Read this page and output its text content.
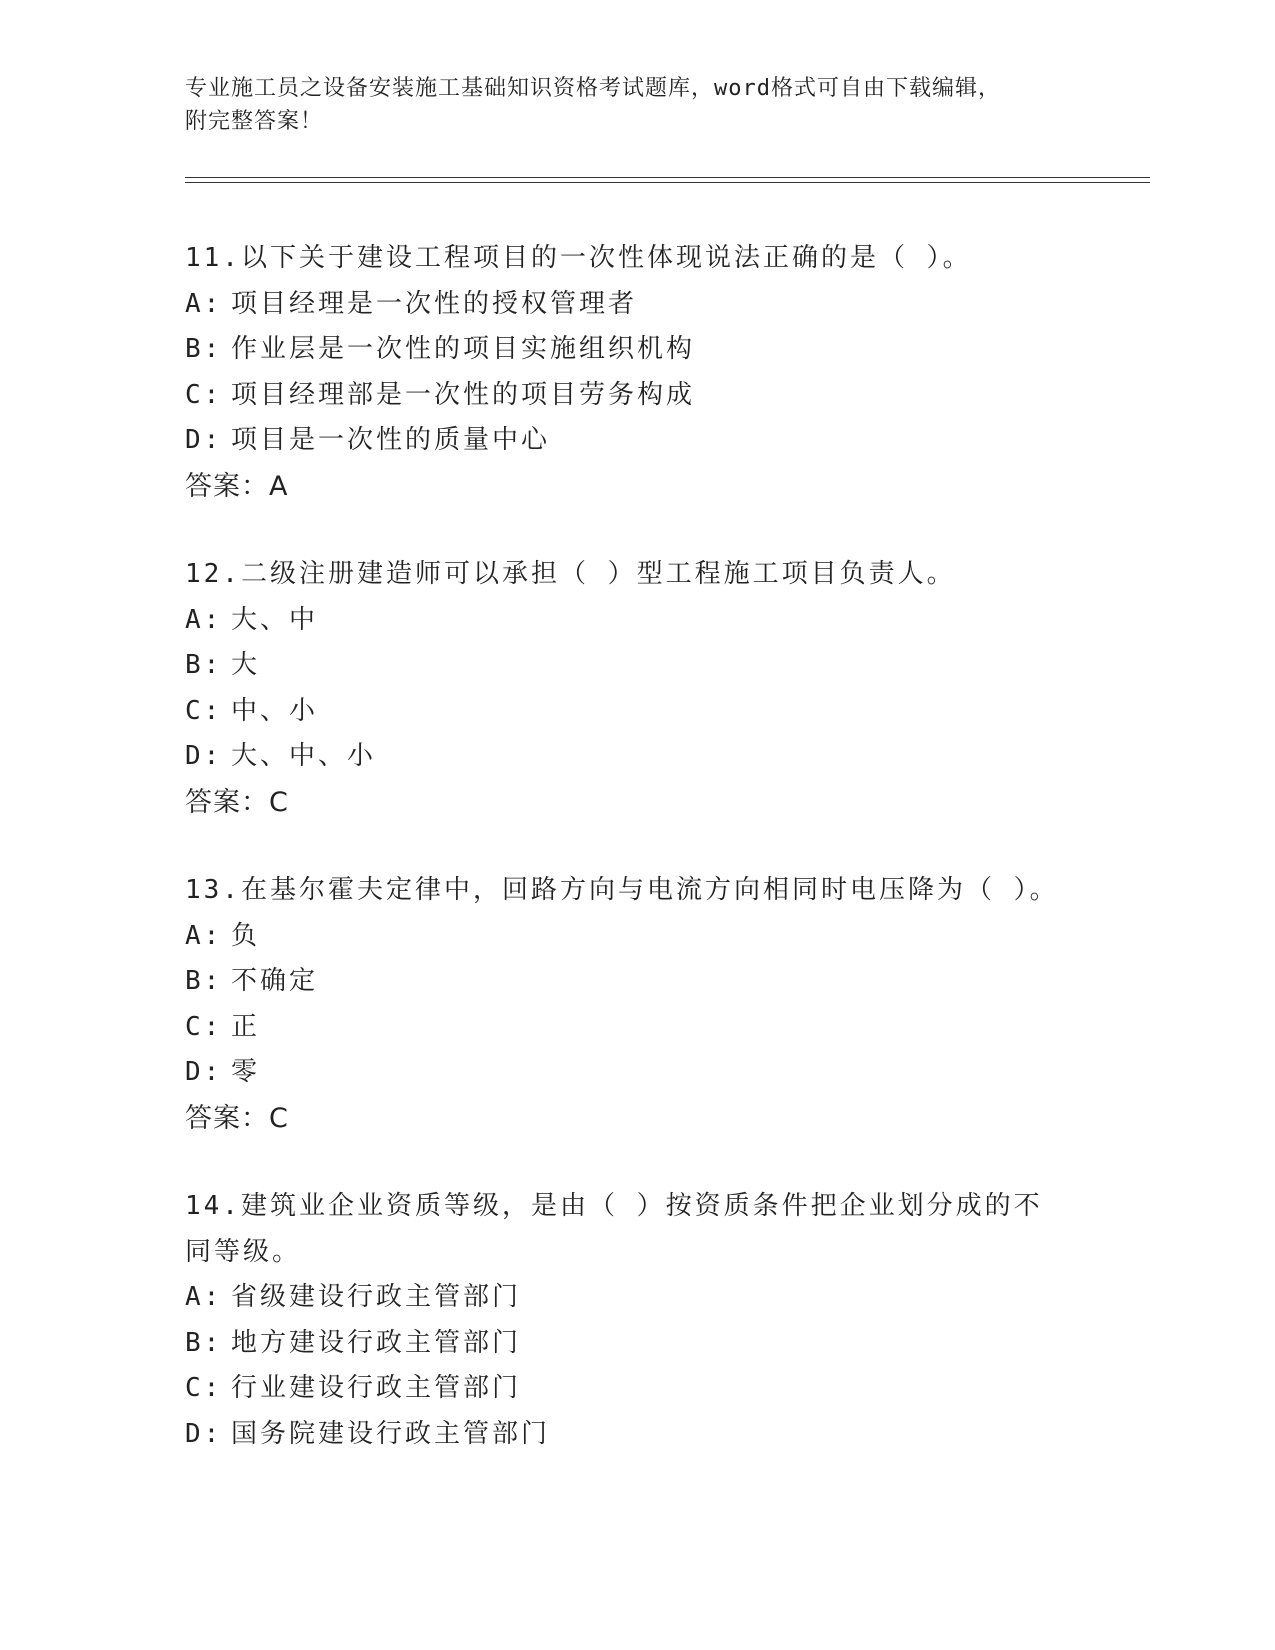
专业施工员之设备安装施工基础知识资格考试题库，word格式可自由下载编辑，
附完整答案！
11.以下关于建设工程项目的一次性体现说法正确的是（ ）。
A: 项目经理是一次性的授权管理者
B: 作业层是一次性的项目实施组织机构
C: 项目经理部是一次性的项目劳务构成
D: 项目是一次性的质量中心
答案：A
12.二级注册建造师可以承担（ ）型工程施工项目负责人。
A: 大、中
B: 大
C: 中、小
D: 大、中、小
答案：C
13.在基尔霍夫定律中，回路方向与电流方向相同时电压降为（ ）。
A: 负
B: 不确定
C: 正
D: 零
答案：C
14.建筑业企业资质等级，是由（ ）按资质条件把企业划分成的不同等级。
A: 省级建设行政主管部门
B: 地方建设行政主管部门
C: 行业建设行政主管部门
D: 国务院建设行政主管部门
